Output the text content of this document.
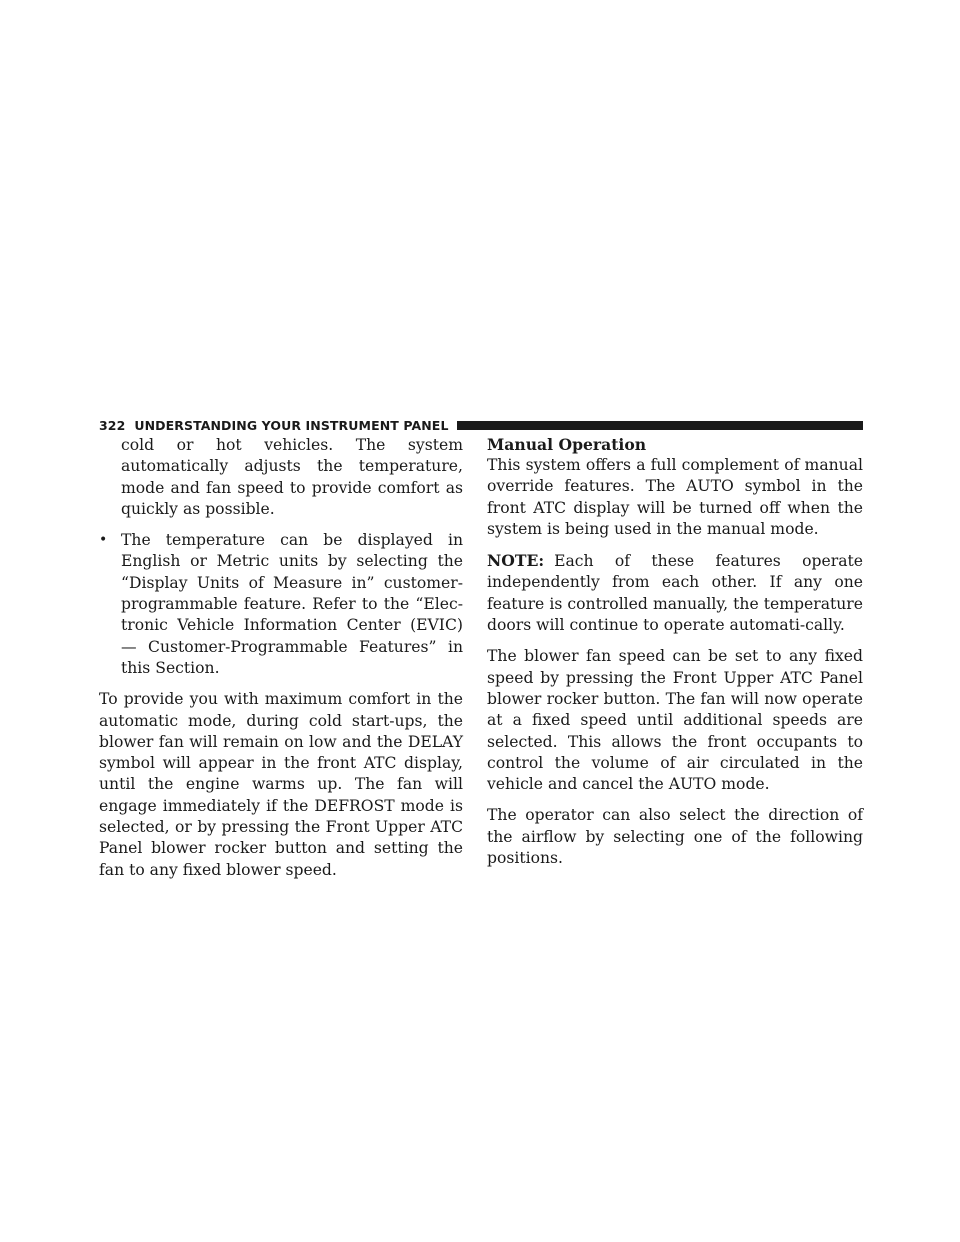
322 UNDERSTANDING YOUR INSTRUMENT PANEL

cold or hot vehicles. The system automatically adjusts the temperature, mode and fan speed to provide comfort as quickly as possible.

• The temperature can be displayed in English or Metric units by selecting the “Display Units of Measure in” customer-programmable feature. Refer to the “Elec-tronic Vehicle Information Center (EVIC) — Customer-Programmable Features” in this Section.

To provide you with maximum comfort in the automatic mode, during cold start-ups, the blower fan will remain on low and the DELAY symbol will appear in the front ATC display, until the engine warms up. The fan will engage immediately if the DEFROST mode is selected, or by pressing the Front Upper ATC Panel blower rocker button and setting the fan to any fixed blower speed.

Manual Operation

This system offers a full complement of manual override features. The AUTO symbol in the front ATC display will be turned off when the system is being used in the manual mode.

NOTE: Each of these features operate independently from each other. If any one feature is controlled manually, the temperature doors will continue to operate automati-cally.

The blower fan speed can be set to any fixed speed by pressing the Front Upper ATC Panel blower rocker button. The fan will now operate at a fixed speed until additional speeds are selected. This allows the front occupants to control the volume of air circulated in the vehicle and cancel the AUTO mode.

The operator can also select the direction of the airflow by selecting one of the following positions.
